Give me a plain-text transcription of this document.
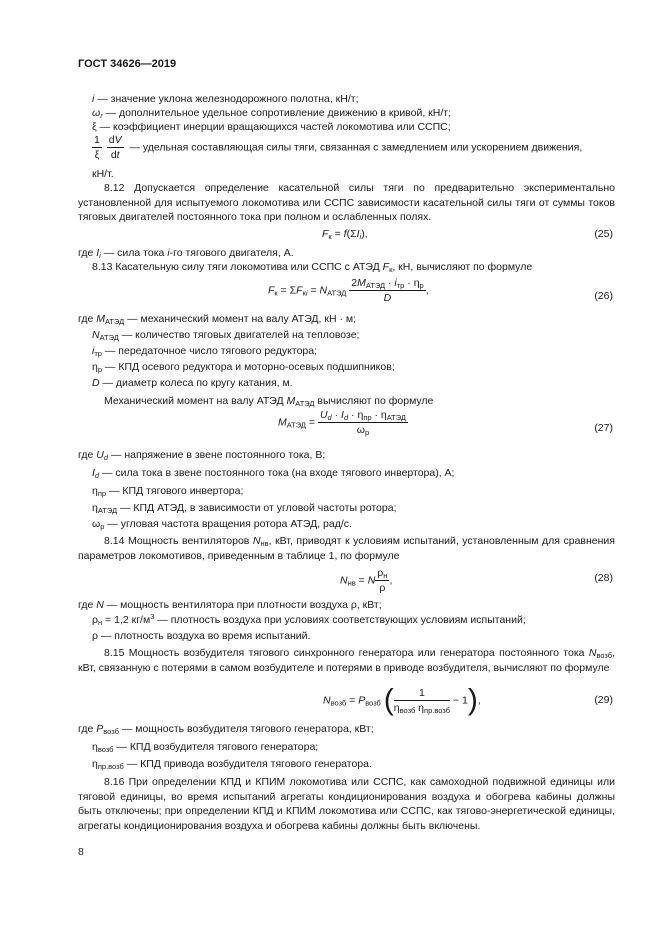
ГОСТ 34626—2019
i — значение уклона железнодорожного полотна, кН/т;
$\omega_r$ — дополнительное удельное сопротивление движению в кривой, кН/т;
ξ — коэффициент инерции вращающихся частей локомотива или ССПС;
$\frac{1}{\xi}$
$\frac{dV}{dt}$ — удельная составляющая силы тяги, связанная с замедлением или ускорением движения,
кН/т.
8.12 Допускается определение касательной силы тяги по предварительно экспериментально установленной для испытуемого локомотива или ССПС зависимости касательной силы тяги от суммы токов тяговых двигателей постоянного тока при полном и ослабленных полях.
$F_к = f(\Sigma I_i)$,	(25)
где $I_i$ — сила тока i-го тягового двигателя, А.
8.13 Касательную силу тяги локомотива или ССПС с АТЭД $F_к$, кН, вычисляют по формуле
$F_к = \Sigma F_{кi} = N_{АТЭД} \frac{2M_{АТЭД} \cdot i_{тр} \cdot \eta_р}{D}$ ,	(26)
где $M_{АТЭД}$ — механический момент на валу АТЭД, кН · м;
$N_{АТЭД}$ — количество тяговых двигателей на тепловозе;
$i_{тр}$ — передаточное число тягового редуктора;
$\eta_р$ — КПД осевого редуктора и моторно-осевых подшипников;
D — диаметр колеса по кругу катания, м.
Механический момент на валу АТЭД $M_{АТЭД}$ вычисляют по формуле
$M_{АТЭД} = \frac{U_d \cdot I_d \cdot \eta_{пр} \cdot \eta_{АТЭД}}{\omega_р}$	(27)
где $U_d$ — напряжение в звене постоянного тока, В;
$I_d$ — сила тока в звене постоянного тока (на входе тягового инвертора), А;
$\eta_{пр}$ — КПД тягового инвертора;
$\eta_{АТЭД}$ — КПД АТЭД, в зависимости от угловой частоты ротора;
$\omega_р$ — угловая частота вращения ротора АТЭД, рад/с.
8.14 Мощность вентиляторов $N_{нв}$, кВт, приводят к условиям испытаний, установленным для сравнения параметров локомотивов, приведенным в таблице 1, по формуле
$N_{нв} = N \frac{\rho_н}{\rho}$ ,	(28)
где N — мощность вентилятора при плотности воздуха ρ, кВт;
$\rho_н = 1,2$ $кг/м^3$ — плотность воздуха при условиях соответствующих условиям испытаний;
ρ — плотность воздуха во время испытаний.
8.15 Мощность возбудителя тягового синхронного генератора или генератора постоянного тока $N_{возб}$, кВт, связанную с потерями в самом возбудителе и потерями в приводе возбудителя, вычисляют по формуле
$N_{возб} = P_{возб}$ ( $\frac{1}{\eta_{возб} \eta_{пр.возб}} - 1$),	(29)
где $P_{возб}$ — мощность возбудителя тягового генератора, кВт;
$\eta_{возб}$ — КПД возбудителя тягового генератора;
$\eta_{пр.возб}$ — КПД привода возбудителя тягового генератора.
8.16 При определении КПД и КПИМ локомотива или ССПС, как самоходной подвижной единицы или тяговой единицы, во время испытаний агрегаты кондиционирования воздуха и обогрева кабины должны быть отключены; при определении КПД и КПИМ локомотива или ССПС, как тягово-энергетической единицы, агрегаты кондиционирования воздуха и обогрева кабины должны быть включены.
8
